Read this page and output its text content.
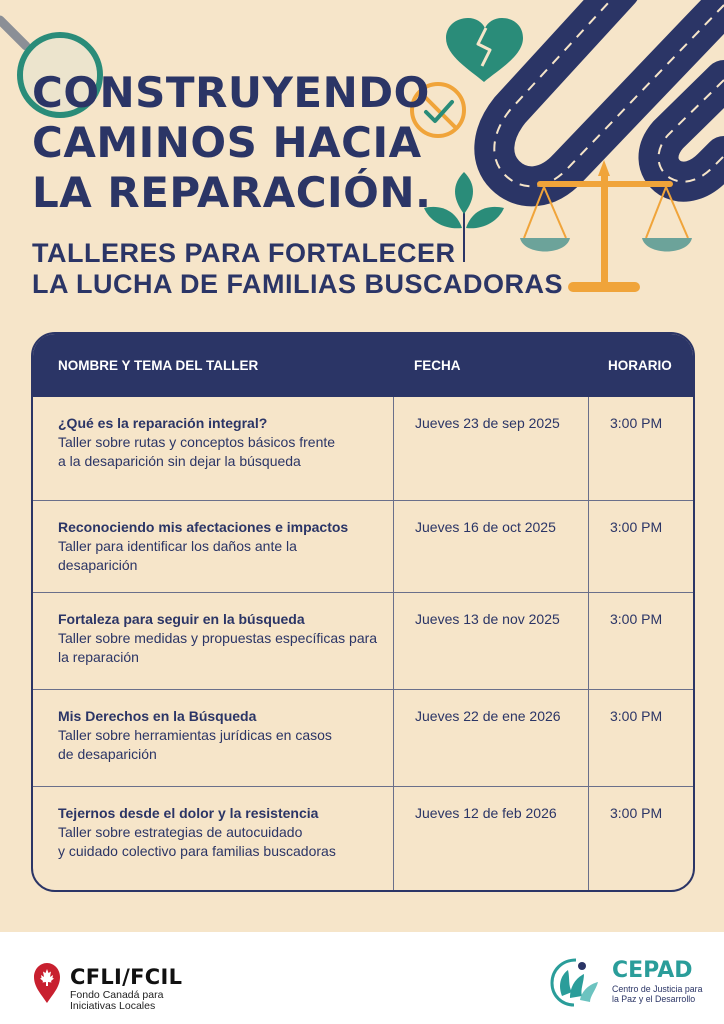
CONSTRUYENDO
CAMINOS HACIA
LA REPARACIÓN.
TALLERES PARA FORTALECER
LA LUCHA DE FAMILIAS BUSCADORAS
NOMBRE Y TEMA DEL TALLER	FECHA	HORARIO
¿Qué es la reparación integral?
Taller sobre rutas y conceptos básicos frente
a la desaparición sin dejar la búsqueda
Jueves 23 de sep 2025	3:00 PM
Reconociendo mis afectaciones e impactos
Taller para identificar los daños ante la
desaparición
Jueves 16 de oct 2025	3:00 PM
Fortaleza para seguir en la búsqueda
Taller sobre medidas y propuestas específicas para
la reparación
Jueves 13 de nov 2025	3:00 PM
Mis Derechos en la Búsqueda
Taller sobre herramientas jurídicas en casos
de desaparición
Jueves 22 de ene 2026	3:00 PM
Tejernos desde el dolor y la resistencia
Taller sobre estrategias de autocuidado
y cuidado colectivo para familias buscadoras
Jueves 12 de feb 2026	3:00 PM
CFLI/FCIL
Fondo Canadá para
Iniciativas Locales
CEPAD
Centro de Justicia para
la Paz y el Desarrollo
